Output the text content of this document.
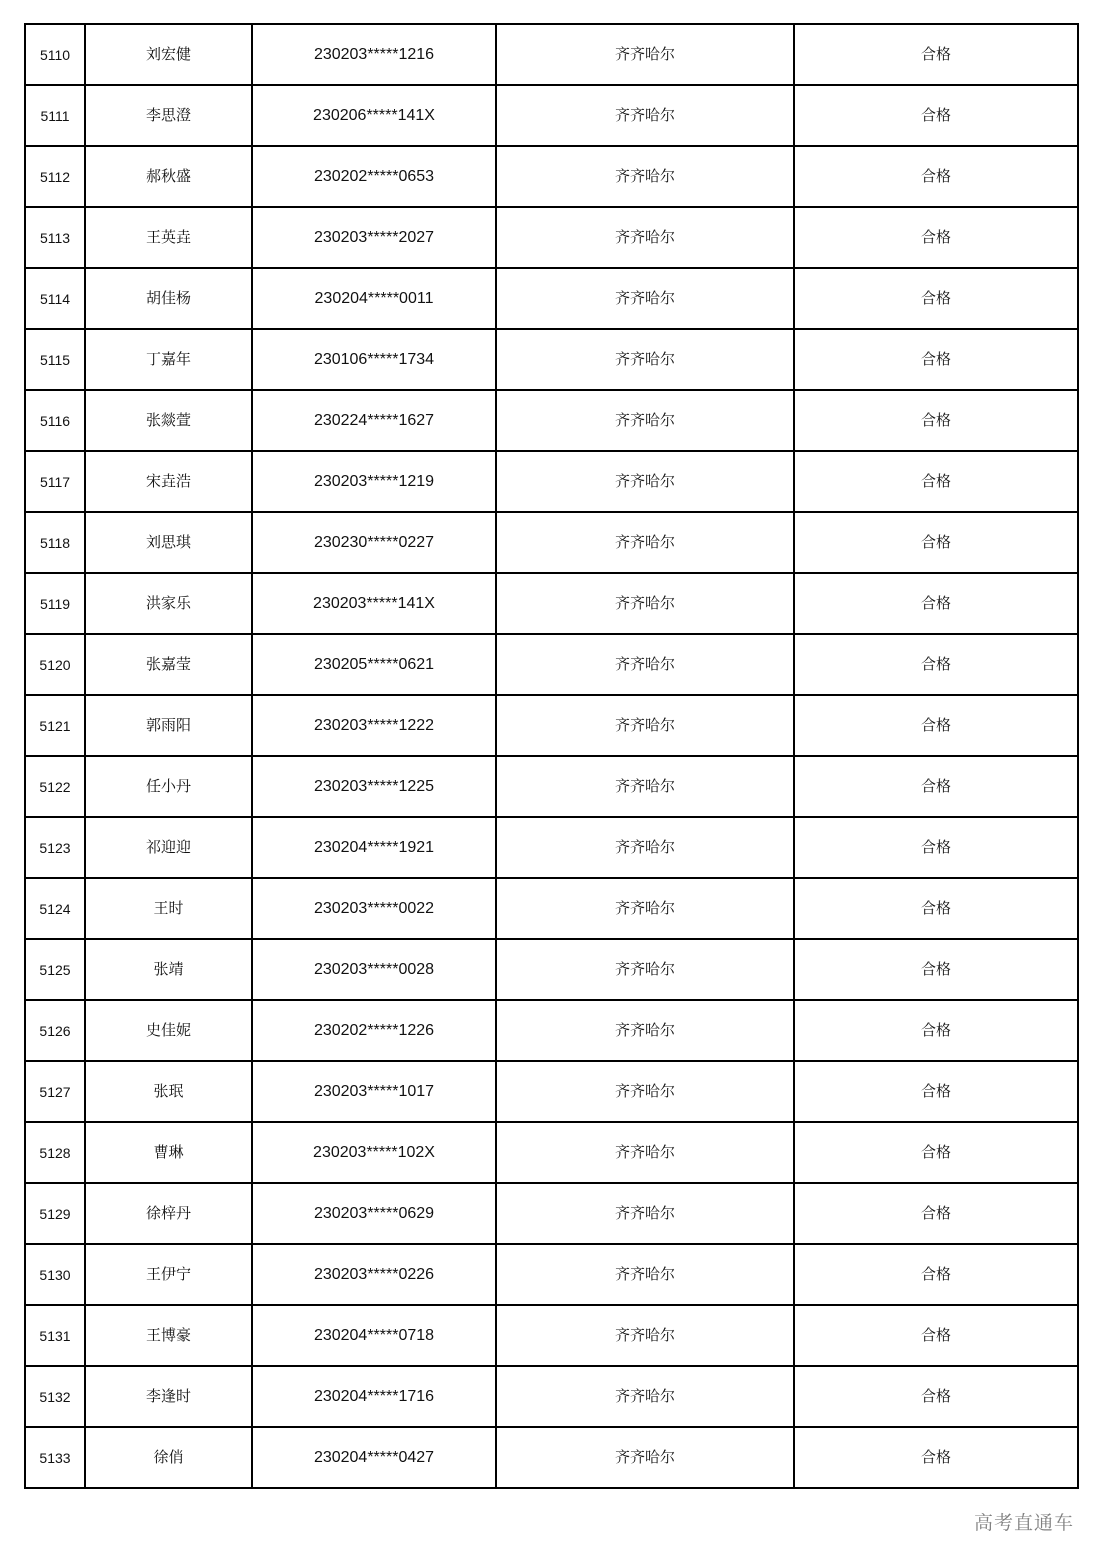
5110	刘宏健	230203*****1216	齐齐哈尔	合格
5111	李思澄	230206*****141X	齐齐哈尔	合格
5112	郝秋盛	230202*****0653	齐齐哈尔	合格
5113	王英垚	230203*****2027	齐齐哈尔	合格
5114	胡佳杨	230204*****0011	齐齐哈尔	合格
5115	丁嘉年	230106*****1734	齐齐哈尔	合格
5116	张燚萱	230224*****1627	齐齐哈尔	合格
5117	宋垚浩	230203*****1219	齐齐哈尔	合格
5118	刘思琪	230230*****0227	齐齐哈尔	合格
5119	洪家乐	230203*****141X	齐齐哈尔	合格
5120	张嘉莹	230205*****0621	齐齐哈尔	合格
5121	郭雨阳	230203*****1222	齐齐哈尔	合格
5122	任小丹	230203*****1225	齐齐哈尔	合格
5123	祁迎迎	230204*****1921	齐齐哈尔	合格
5124	王时	230203*****0022	齐齐哈尔	合格
5125	张靖	230203*****0028	齐齐哈尔	合格
5126	史佳妮	230202*****1226	齐齐哈尔	合格
5127	张珉	230203*****1017	齐齐哈尔	合格
5128	曹琳	230203*****102X	齐齐哈尔	合格
5129	徐梓丹	230203*****0629	齐齐哈尔	合格
5130	王伊宁	230203*****0226	齐齐哈尔	合格
5131	王博豪	230204*****0718	齐齐哈尔	合格
5132	李逢时	230204*****1716	齐齐哈尔	合格
5133	徐俏	230204*****0427	齐齐哈尔	合格
高考直通车
